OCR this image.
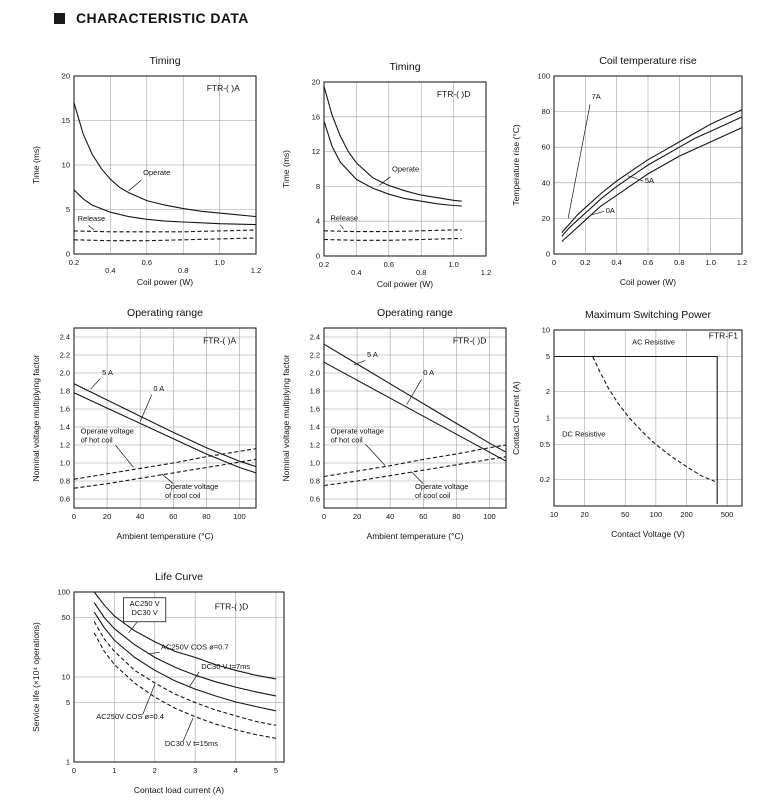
CHARACTERISTIC DATA
0.2
0.4
0.6
0.8
1.0
1.2
0
5
10
15
20
Timing
Coil power (W)
Time (ms)
FTR-( )A
Operate
Release
0.2
0.4
0.6
0.8
1.0
1.2
0
4
8
12
16
20
Timing
Coil power (W)
Time (ms)
FTR-( )D
Operate
Release
0	0.2	0.4	0.6	0.8	1.0	1.2
0
20
40
60
80
100
Coil temperature rise
Coil power (W)
Temperature rise (°C)
7A
5A
0A
0	20	40	60	80	100
0.6
0.8
1.0
1.2
1.4
1.6
1.8
2.0
2.2
2.4
Operating range
Ambient temperature (°C)
Nominal voltage multiplying factor
FTR-( )A
5 A
0 A
Operate voltage of hot coil
Operate voltage of cool coil
0	20	40	60	80	100
0.6
0.8
1.0
1.2
1.4
1.6
1.8
2.0
2.2
2.4
Operating range
Ambient temperature (°C)
Nominal voltage multiplying factor
FTR-( )D
5 A
0 A
Operate voltage of hot coil
Operate voltage of cool coil
10	20	50	100 200	500
0.2
0.5
1
2
5
10
Maximum Switching Power
Contact Voltage (V)
Contact Current (A)
FTR-F1
AC Resistive
DC Resistive
0	1	2	3	4	5
1
5
10
50
100
Life Curve
Contact load current (A)
Service life (×10⁴ operations)
FTR-( )D
AC250 V DC30 V
AC250V COS ø=0.7
DC30 V t=7ms
AC250V COS ø=0.4
DC30 V t=15ms
